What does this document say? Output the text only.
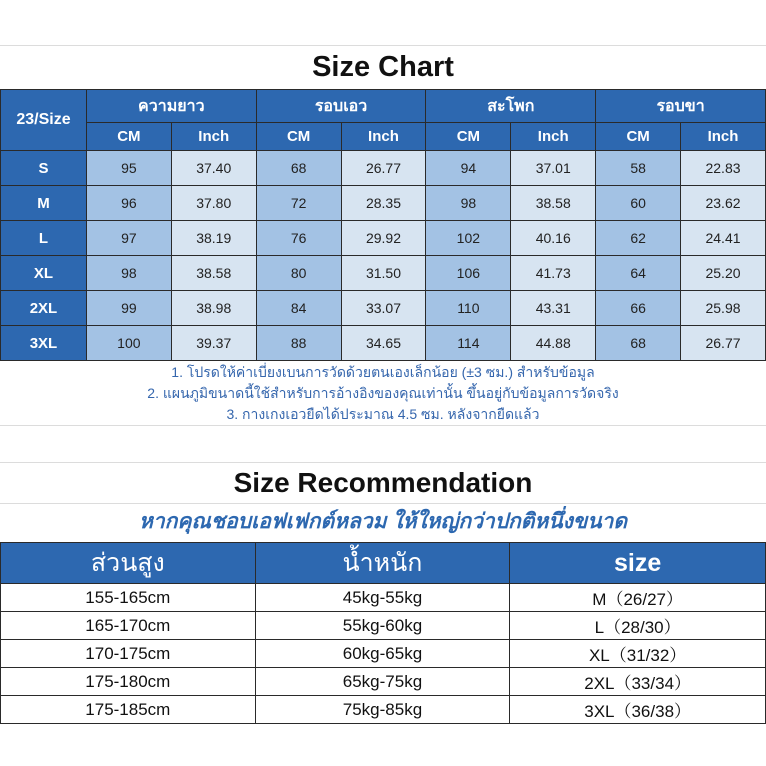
Size Chart
23/Size	ความยาว		รอบเอว		สะโพก		รอบขา	
	CM	Inch	CM	Inch	CM	Inch	CM	Inch
S	95	37.40	68	26.77	94	37.01	58	22.83
M	96	37.80	72	28.35	98	38.58	60	23.62
L	97	38.19	76	29.92	102	40.16	62	24.41
XL	98	38.58	80	31.50	106	41.73	64	25.20
2XL	99	38.98	84	33.07	110	43.31	66	25.98
3XL	100	39.37	88	34.65	114	44.88	68	26.77
1. โปรดให้ค่าเบี่ยงเบนการวัดด้วยตนเองเล็กน้อย (±3 ซม.) สำหรับข้อมูล
2. แผนภูมิขนาดนี้ใช้สำหรับการอ้างอิงของคุณเท่านั้น ขึ้นอยู่กับข้อมูลการวัดจริง
3. กางเกงเอวยืดได้ประมาณ 4.5 ซม. หลังจากยืดแล้ว
Size Recommendation
หากคุณชอบเอฟเฟกต์หลวม ให้ใหญ่กว่าปกติหนึ่งขนาด
ส่วนสูง	น้ำหนัก	size
155-165cm	45kg-55kg	M（26/27）
165-170cm	55kg-60kg	L（28/30）
170-175cm	60kg-65kg	XL（31/32）
175-180cm	65kg-75kg	2XL（33/34）
175-185cm	75kg-85kg	3XL（36/38）
